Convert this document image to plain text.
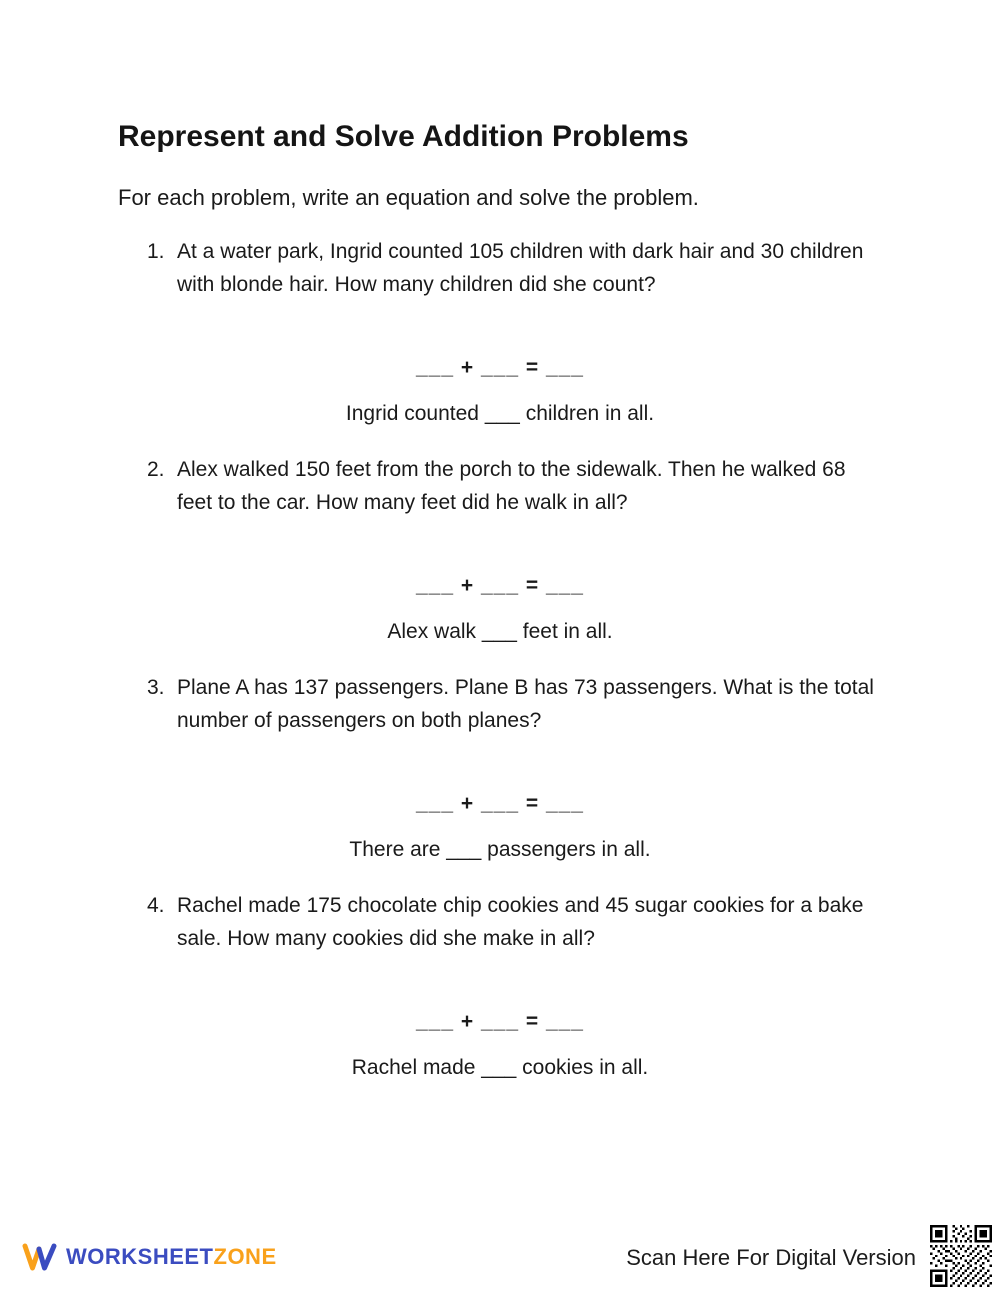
Represent and Solve Addition Problems

For each problem, write an equation and solve the problem.

1. At a water park, Ingrid counted 105 children with dark hair and 30 children with blonde hair. How many children did she count?
___ + ___ = ___
Ingrid counted ___ children in all.
2. Alex walked 150 feet from the porch to the sidewalk. Then he walked 68 feet to the car. How many feet did he walk in all?
___ + ___ = ___
Alex walk ___ feet in all.
3. Plane A has 137 passengers. Plane B has 73 passengers. What is the total number of passengers on both planes?
___ + ___ = ___
There are ___ passengers in all.
4. Rachel made 175 chocolate chip cookies and 45 sugar cookies for a bake sale. How many cookies did she make in all?
___ + ___ = ___
Rachel made ___ cookies in all.
WORKSHEETZONE	Scan Here For Digital Version
